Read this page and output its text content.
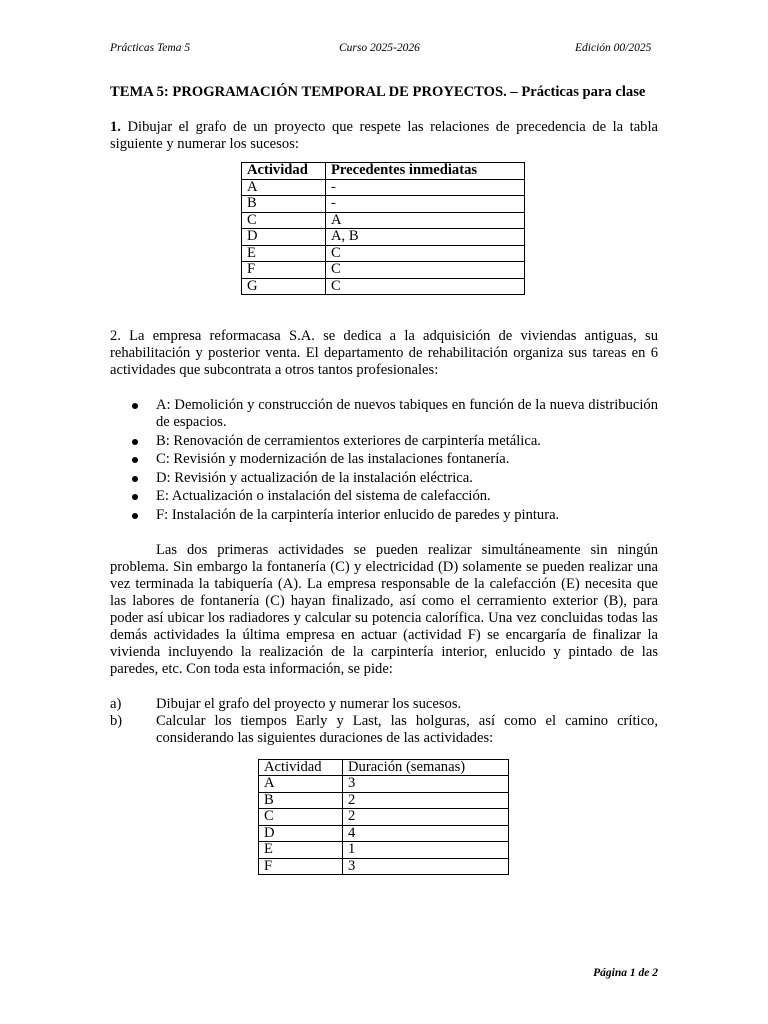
Prácticas Tema 5	Curso 2025-2026	Edición 00/2025

TEMA 5: PROGRAMACIÓN TEMPORAL DE PROYECTOS. – Prácticas para clase

1. Dibujar el grafo de un proyecto que respete las relaciones de precedencia de la tabla siguiente y numerar los sucesos:

Actividad	Precedentes inmediatas
A	-
B	-
C	A
D	A, B
E	C
F	C
G	C

2. La empresa reformacasa S.A. se dedica a la adquisición de viviendas antiguas, su rehabilitación y posterior venta. El departamento de rehabilitación organiza sus tareas en 6 actividades que subcontrata a otros tantos profesionales:

A: Demolición y construcción de nuevos tabiques en función de la nueva distribución de espacios.
B: Renovación de cerramientos exteriores de carpintería metálica.
C: Revisión y modernización de las instalaciones fontanería.
D: Revisión y actualización de la instalación eléctrica.
E: Actualización o instalación del sistema de calefacción.
F: Instalación de la carpintería interior enlucido de paredes y pintura.

Las dos primeras actividades se pueden realizar simultáneamente sin ningún problema. Sin embargo la fontanería (C) y electricidad (D) solamente se pueden realizar una vez terminada la tabiquería (A). La empresa responsable de la calefacción (E) necesita que las labores de fontanería (C) hayan finalizado, así como el cerramiento exterior (B), para poder así ubicar los radiadores y calcular su potencia calorífica. Una vez concluidas todas las demás actividades la última empresa en actuar (actividad F) se encargaría de finalizar la vivienda incluyendo la realización de la carpintería interior, enlucido y pintado de las paredes, etc. Con toda esta información, se pide:

a) Dibujar el grafo del proyecto y numerar los sucesos.
b) Calcular los tiempos Early y Last, las holguras, así como el camino crítico, considerando las siguientes duraciones de las actividades:
Actividad	Duración (semanas)
A	3
B	2
C	2
D	4
E	1
F	3
Página 1 de 2
